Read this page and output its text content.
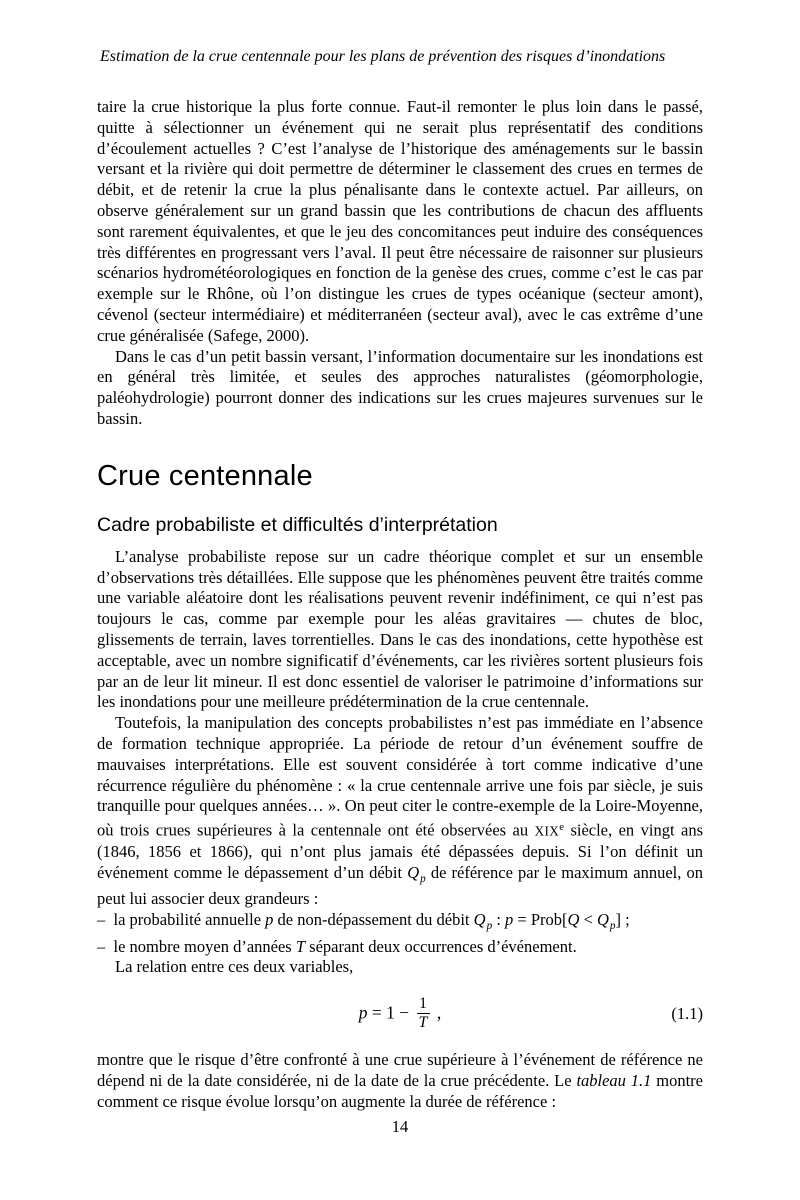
Estimation de la crue centennale pour les plans de prévention des risques d’inondations

taire la crue historique la plus forte connue. Faut-il remonter le plus loin dans le passé, quitte à sélectionner un événement qui ne serait plus représentatif des conditions d’écoulement actuelles ? C’est l’analyse de l’historique des aménagements sur le bassin versant et la rivière qui doit permettre de déterminer le classement des crues en termes de débit, et de retenir la crue la plus pénalisante dans le contexte actuel. Par ailleurs, on observe généralement sur un grand bassin que les contributions de chacun des affluents sont rarement équivalentes, et que le jeu des concomitances peut induire des conséquences très différentes en progressant vers l’aval. Il peut être nécessaire de raisonner sur plusieurs scénarios hydrométéorologiques en fonction de la genèse des crues, comme c’est le cas par exemple sur le Rhône, où l’on distingue les crues de types océanique (secteur amont), cévenol (secteur intermédiaire) et méditerranéen (secteur aval), avec le cas extrême d’une crue généralisée (Safege, 2000).

Dans le cas d’un petit bassin versant, l’information documentaire sur les inondations est en général très limitée, et seules des approches naturalistes (géomorphologie, paléohydrologie) pourront donner des indications sur les crues majeures survenues sur le bassin.

Crue centennale
Cadre probabiliste et difficultés d’interprétation

L’analyse probabiliste repose sur un cadre théorique complet et sur un ensemble d’observations très détaillées. Elle suppose que les phénomènes peuvent être traités comme une variable aléatoire dont les réalisations peuvent revenir indéfiniment, ce qui n’est pas toujours le cas, comme par exemple pour les aléas gravitaires — chutes de bloc, glissements de terrain, laves torrentielles. Dans le cas des inondations, cette hypothèse est acceptable, avec un nombre significatif d’événements, car les rivières sortent plusieurs fois par an de leur lit mineur. Il est donc essentiel de valoriser le patrimoine d’informations sur les inondations pour une meilleure prédétermination de la crue centennale.

Toutefois, la manipulation des concepts probabilistes n’est pas immédiate en l’absence de formation technique appropriée. La période de retour d’un événement souffre de mauvaises interprétations. Elle est souvent considérée à tort comme indicative d’une récurrence régulière du phénomène : « la crue centennale arrive une fois par siècle, je suis tranquille pour quelques années… ». On peut citer le contre-exemple de la Loire-Moyenne, où trois crues supérieures à la centennale ont été observées au XIXe siècle, en vingt ans (1846, 1856 et 1866), qui n’ont plus jamais été dépassées depuis. Si l’on définit un événement comme le dépassement d’un débit $Q_p$ de référence par le maximum annuel, on peut lui associer deux grandeurs :

–  la probabilité annuelle p de non-dépassement du débit $Q_p$ : p = Prob[Q < $Q_p$] ;
–  le nombre moyen d’années T séparant deux occurrences d’événement.

La relation entre ces deux variables,

$p = 1 - \frac{1}{T}$ ,	(1.1)

montre que le risque d’être confronté à une crue supérieure à l’événement de référence ne dépend ni de la date considérée, ni de la date de la crue précédente. Le tableau 1.1 montre comment ce risque évolue lorsqu’on augmente la durée de référence :

14
